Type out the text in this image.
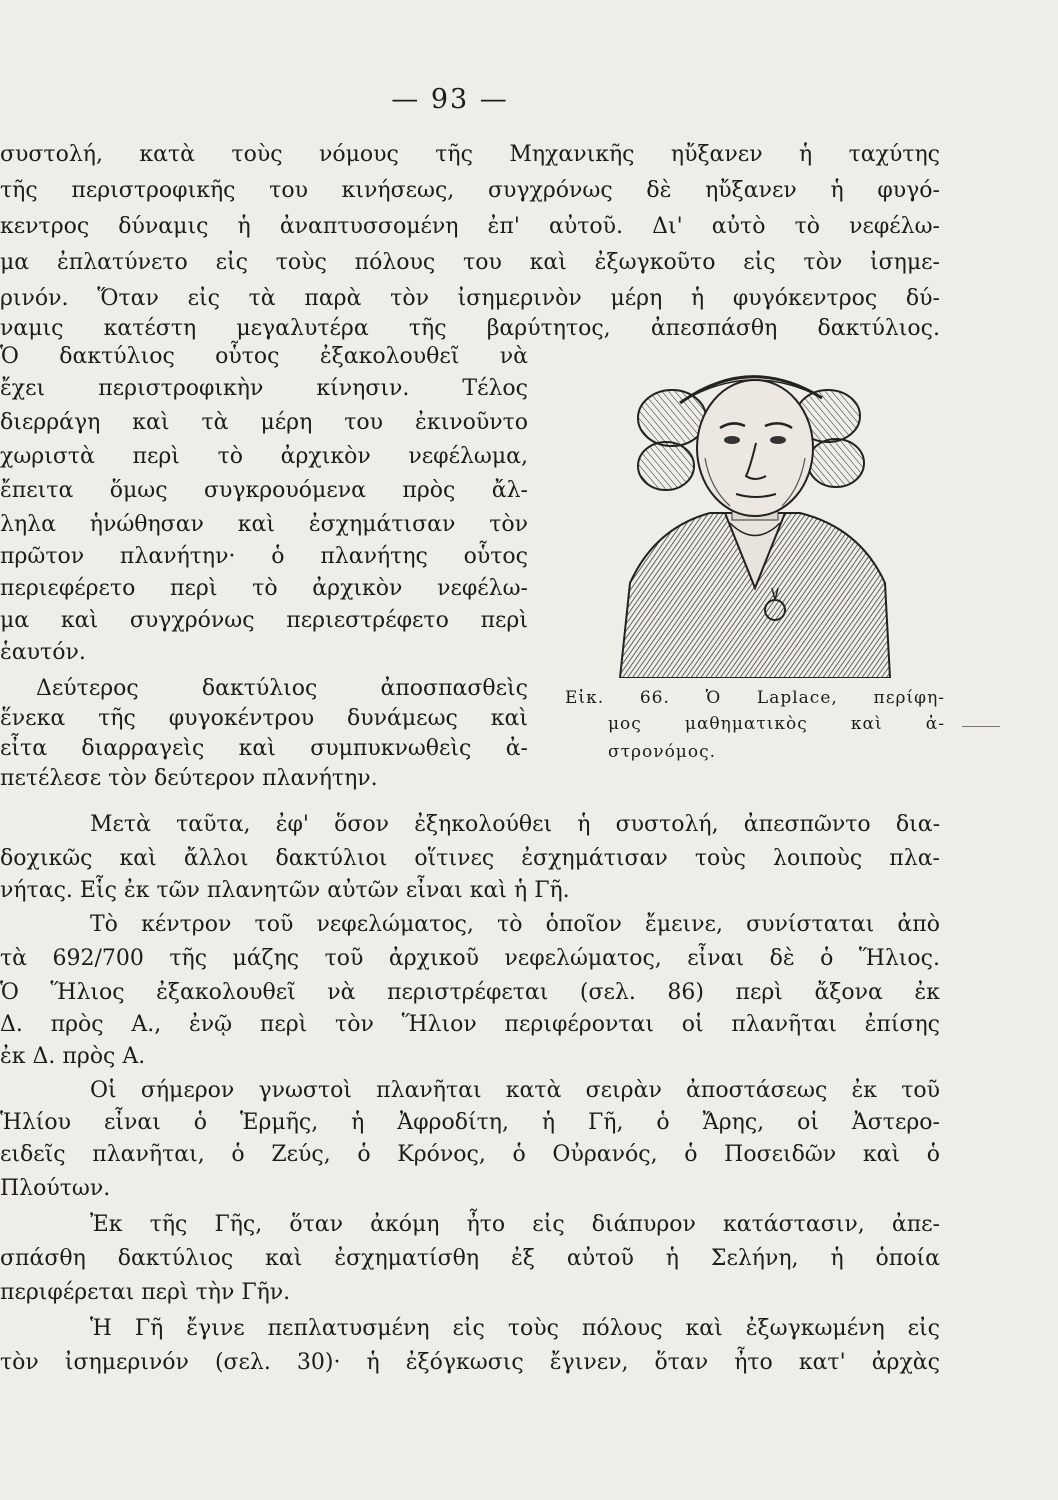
— 93 —
συστολή, κατὰ τοὺς νόμους τῆς Μηχανικῆς ηὔξανεν ἡ ταχύτης
τῆς περιστροφικῆς του κινήσεως, συγχρόνως δὲ ηὔξανεν ἡ φυγό-
κεντρος δύναμις ἡ ἀναπτυσσομένη ἐπ' αὐτοῦ. Δι' αὐτὸ τὸ νεφέλω-
μα ἐπλατύνετο εἰς τοὺς πόλους του καὶ ἐξωγκοῦτο εἰς τὸν ἰσημε-
ρινόν. Ὅταν εἰς τὰ παρὰ τὸν ἰσημερινὸν μέρη ἡ φυγόκεντρος δύ-
ναμις κατέστη μεγαλυτέρα τῆς βαρύτητος, ἀπεσπάσθη δακτύλιος.
Ὁ δακτύλιος οὗτος ἐξακολουθεῖ νὰ
ἔχει περιστροφικὴν κίνησιν. Τέλος
διερράγη καὶ τὰ μέρη του ἐκινοῦντο
χωριστὰ περὶ τὸ ἀρχικὸν νεφέλωμα,
ἔπειτα ὅμως συγκρουόμενα πρὸς ἄλ-
ληλα ἡνώθησαν καὶ ἐσχημάτισαν τὸν
πρῶτον πλανήτην· ὁ πλανήτης οὗτος
περιεφέρετο περὶ τὸ ἀρχικὸν νεφέλω-
μα καὶ συγχρόνως περιεστρέφετο περὶ
ἑαυτόν.
Δεύτερος δακτύλιος ἀποσπασθεὶς
ἕνεκα τῆς φυγοκέντρου δυνάμεως καὶ
εἶτα διαρραγεὶς καὶ συμπυκνωθεὶς ἀ-
πετέλεσε τὸν δεύτερον πλανήτην.
Μετὰ ταῦτα, ἐφ' ὅσον ἐξηκολούθει ἡ συστολή, ἀπεσπῶντο δια-
δοχικῶς καὶ ἄλλοι δακτύλιοι οἵτινες ἐσχημάτισαν τοὺς λοιποὺς πλα-
νήτας. Εἷς ἐκ τῶν πλανητῶν αὐτῶν εἶναι καὶ ἡ Γῆ.
Τὸ κέντρον τοῦ νεφελώματος, τὸ ὁποῖον ἔμεινε, συνίσταται ἀπὸ
τὰ 692/700 τῆς μάζης τοῦ ἀρχικοῦ νεφελώματος, εἶναι δὲ ὁ Ἥλιος.
Ὁ Ἥλιος ἐξακολουθεῖ νὰ περιστρέφεται (σελ. 86) περὶ ἄξονα ἐκ
Δ. πρὸς Α., ἐνῷ περὶ τὸν Ἥλιον περιφέρονται οἱ πλανῆται ἐπίσης
ἐκ Δ. πρὸς Α.
Οἱ σήμερον γνωστοὶ πλανῆται κατὰ σειρὰν ἀποστάσεως ἐκ τοῦ
Ἡλίου εἶναι ὁ Ἑρμῆς, ἡ Ἀφροδίτη, ἡ Γῆ, ὁ Ἄρης, οἱ Ἀστερο-
ειδεῖς πλανῆται, ὁ Ζεύς, ὁ Κρόνος, ὁ Οὐρανός, ὁ Ποσειδῶν καὶ ὁ
Πλούτων.
Ἐκ τῆς Γῆς, ὅταν ἀκόμη ἦτο εἰς διάπυρον κατάστασιν, ἀπε-
σπάσθη δακτύλιος καὶ ἐσχηματίσθη ἐξ αὐτοῦ ἡ Σελήνη, ἡ ὁποία
περιφέρεται περὶ τὴν Γῆν.
Ἡ Γῆ ἔγινε πεπλατυσμένη εἰς τοὺς πόλους καὶ ἐξωγκωμένη εἰς
τὸν ἰσημερινόν (σελ. 30)· ἡ ἐξόγκωσις ἔγινεν, ὅταν ἦτο κατ' ἀρχὰς
Εἰκ. 66. Ὁ Laplace, περίφη-
μος μαθηματικὸς καὶ ἀ-
στρονόμος.
